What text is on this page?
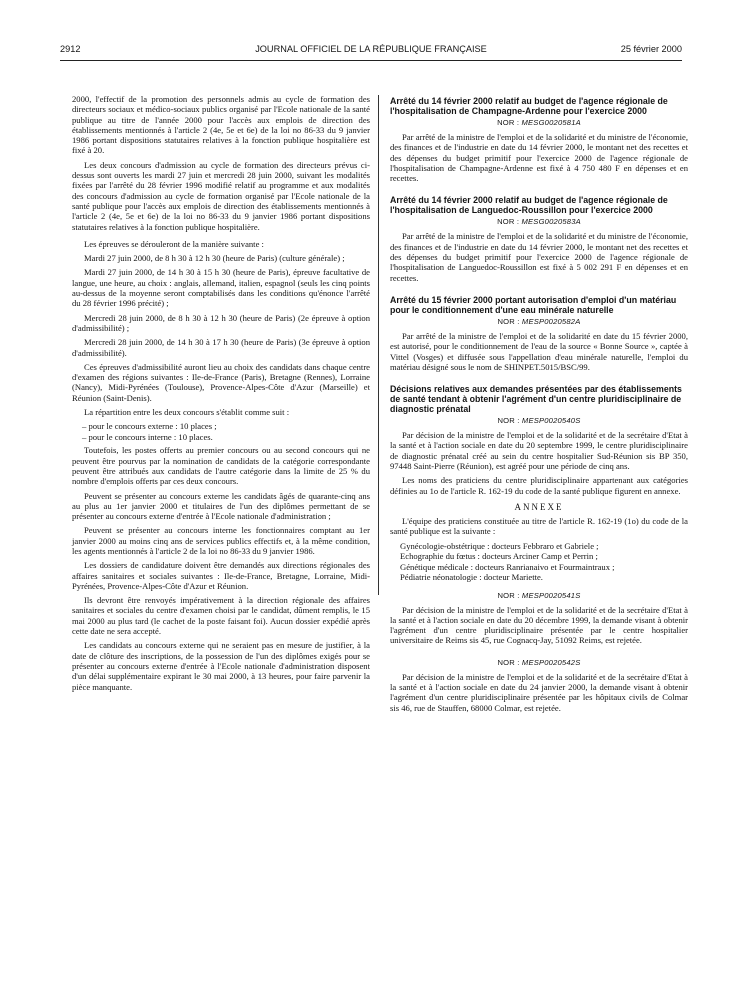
2912	JOURNAL OFFICIEL DE LA RÉPUBLIQUE FRANÇAISE	25 février 2000

2000, l'effectif de la promotion des personnels admis au cycle de formation des directeurs sociaux et médico-sociaux publics organisé par l'Ecole nationale de la santé publique au titre de l'année 2000 pour l'accès aux emplois de direction des établissements mentionnés à l'article 2 (4e, 5e et 6e) de la loi no 86-33 du 9 janvier 1986 portant dispositions statutaires relatives à la fonction publique hospitalière est fixé à 20.

Les deux concours d'admission au cycle de formation des directeurs prévus ci-dessus sont ouverts les mardi 27 juin et mercredi 28 juin 2000, suivant les modalités fixées par l'arrêté du 28 février 1996 modifié relatif au programme et aux modalités des concours d'admission au cycle de formation organisé par l'Ecole nationale de la santé publique pour l'accès aux emplois de direction des établissements mentionnés à l'article 2 (4e, 5e et 6e) de la loi no 86-33 du 9 janvier 1986 portant dispositions statutaires relatives à la fonction publique hospitalière.

Les épreuves se dérouleront de la manière suivante :

Mardi 27 juin 2000, de 8 h 30 à 12 h 30 (heure de Paris) (culture générale) ;

Mardi 27 juin 2000, de 14 h 30 à 15 h 30 (heure de Paris), épreuve facultative de langue, une heure, au choix : anglais, allemand, italien, espagnol (seuls les cinq points au-dessus de la moyenne seront comptabilisés dans les conditions qu'énonce l'arrêté du 28 février 1996 précité) ;

Mercredi 28 juin 2000, de 8 h 30 à 12 h 30 (heure de Paris) (2e épreuve à option d'admissibilité) ;

Mercredi 28 juin 2000, de 14 h 30 à 17 h 30 (heure de Paris) (3e épreuve à option d'admissibilité).

Ces épreuves d'admissibilité auront lieu au choix des candidats dans chaque centre d'examen des régions suivantes : Ile-de-France (Paris), Bretagne (Rennes), Lorraine (Nancy), Midi-Pyrénées (Toulouse), Provence-Alpes-Côte d'Azur (Marseille) et Réunion (Saint-Denis).

La répartition entre les deux concours s'établit comme suit :

– pour le concours externe : 10 places ;
– pour le concours interne : 10 places.

Toutefois, les postes offerts au premier concours ou au second concours qui ne peuvent être pourvus par la nomination de candidats de la catégorie correspondante peuvent être attribués aux candidats de l'autre catégorie dans la limite de 25 % du nombre d'emplois offerts par ces deux concours.

Peuvent se présenter au concours externe les candidats âgés de quarante-cinq ans au plus au 1er janvier 2000 et titulaires de l'un des diplômes permettant de se présenter au concours externe d'entrée à l'Ecole nationale d'administration ;

Peuvent se présenter au concours interne les fonctionnaires comptant au 1er janvier 2000 au moins cinq ans de services publics effectifs et, à la même condition, les agents mentionnés à l'article 2 de la loi no 86-33 du 9 janvier 1986.

Les dossiers de candidature doivent être demandés aux directions régionales des affaires sanitaires et sociales suivantes : Ile-de-France, Bretagne, Lorraine, Midi-Pyrénées, Provence-Alpes-Côte d'Azur et Réunion.

Ils devront être renvoyés impérativement à la direction régionale des affaires sanitaires et sociales du centre d'examen choisi par le candidat, dûment remplis, le 15 mai 2000 au plus tard (le cachet de la poste faisant foi). Aucun dossier expédié après cette date ne sera accepté.

Les candidats au concours externe qui ne seraient pas en mesure de justifier, à la date de clôture des inscriptions, de la possession de l'un des diplômes exigés pour se présenter au concours externe d'entrée à l'Ecole nationale d'administration disposent d'un délai supplémentaire expirant le 30 mai 2000, à 13 heures, pour faire parvenir la pièce manquante.

Arrêté du 14 février 2000 relatif au budget de l'agence régionale de l'hospitalisation de Champagne-Ardenne pour l'exercice 2000
NOR : MESG0020581A

Par arrêté de la ministre de l'emploi et de la solidarité et du ministre de l'économie, des finances et de l'industrie en date du 14 février 2000, le montant net des recettes et des dépenses du budget primitif pour l'exercice 2000 de l'agence régionale de l'hospitalisation de Champagne-Ardenne est fixé à 4 750 480 F en dépenses et en recettes.

Arrêté du 14 février 2000 relatif au budget de l'agence régionale de l'hospitalisation de Languedoc-Roussillon pour l'exercice 2000
NOR : MESG0020583A

Par arrêté de la ministre de l'emploi et de la solidarité et du ministre de l'économie, des finances et de l'industrie en date du 14 février 2000, le montant net des recettes et des dépenses du budget primitif pour l'exercice 2000 de l'agence régionale de l'hospitalisation de Languedoc-Roussillon est fixé à 5 002 291 F en dépenses et en recettes.

Arrêté du 15 février 2000 portant autorisation d'emploi d'un matériau pour le conditionnement d'une eau minérale naturelle
NOR : MESP0020582A

Par arrêté de la ministre de l'emploi et de la solidarité en date du 15 février 2000, est autorisé, pour le conditionnement de l'eau de la source « Bonne Source », captée à Vittel (Vosges) et diffusée sous l'appellation d'eau minérale naturelle, l'emploi du matériau désigné sous le nom de SHINPET.5015/BSC/99.

Décisions relatives aux demandes présentées par des établissements de santé tendant à obtenir l'agrément d'un centre pluridisciplinaire de diagnostic prénatal
NOR : MESP0020540S

Par décision de la ministre de l'emploi et de la solidarité et de la secrétaire d'Etat à la santé et à l'action sociale en date du 20 septembre 1999, le centre pluridisciplinaire de diagnostic prénatal créé au sein du centre hospitalier Sud-Réunion sis BP 350, 97448 Saint-Pierre (Réunion), est agréé pour une période de cinq ans.

Les noms des praticiens du centre pluridisciplinaire appartenant aux catégories définies au 1o de l'article R. 162-19 du code de la santé publique figurent en annexe.

ANNEXE

L'équipe des praticiens constituée au titre de l'article R. 162-19 (1o) du code de la santé publique est la suivante :

Gynécologie-obstétrique : docteurs Febbraro et Gabriele ;
Echographie du fœtus : docteurs Arciner Camp et Perrin ;
Génétique médicale : docteurs Ranrianaivo et Fourmaintraux ;
Pédiatrie néonatologie : docteur Mariette.
NOR : MESP0020541S

Par décision de la ministre de l'emploi et de la solidarité et de la secrétaire d'Etat à la santé et à l'action sociale en date du 20 décembre 1999, la demande visant à obtenir l'agrément d'un centre pluridisciplinaire présentée par le centre hospitalier universitaire de Reims sis 45, rue Cognacq-Jay, 51092 Reims, est rejetée.

NOR : MESP0020542S

Par décision de la ministre de l'emploi et de la solidarité et de la secrétaire d'Etat à la santé et à l'action sociale en date du 24 janvier 2000, la demande visant à obtenir l'agrément d'un centre pluridisciplinaire présentée par les hôpitaux civils de Colmar sis 46, rue de Stauffen, 68000 Colmar, est rejetée.
